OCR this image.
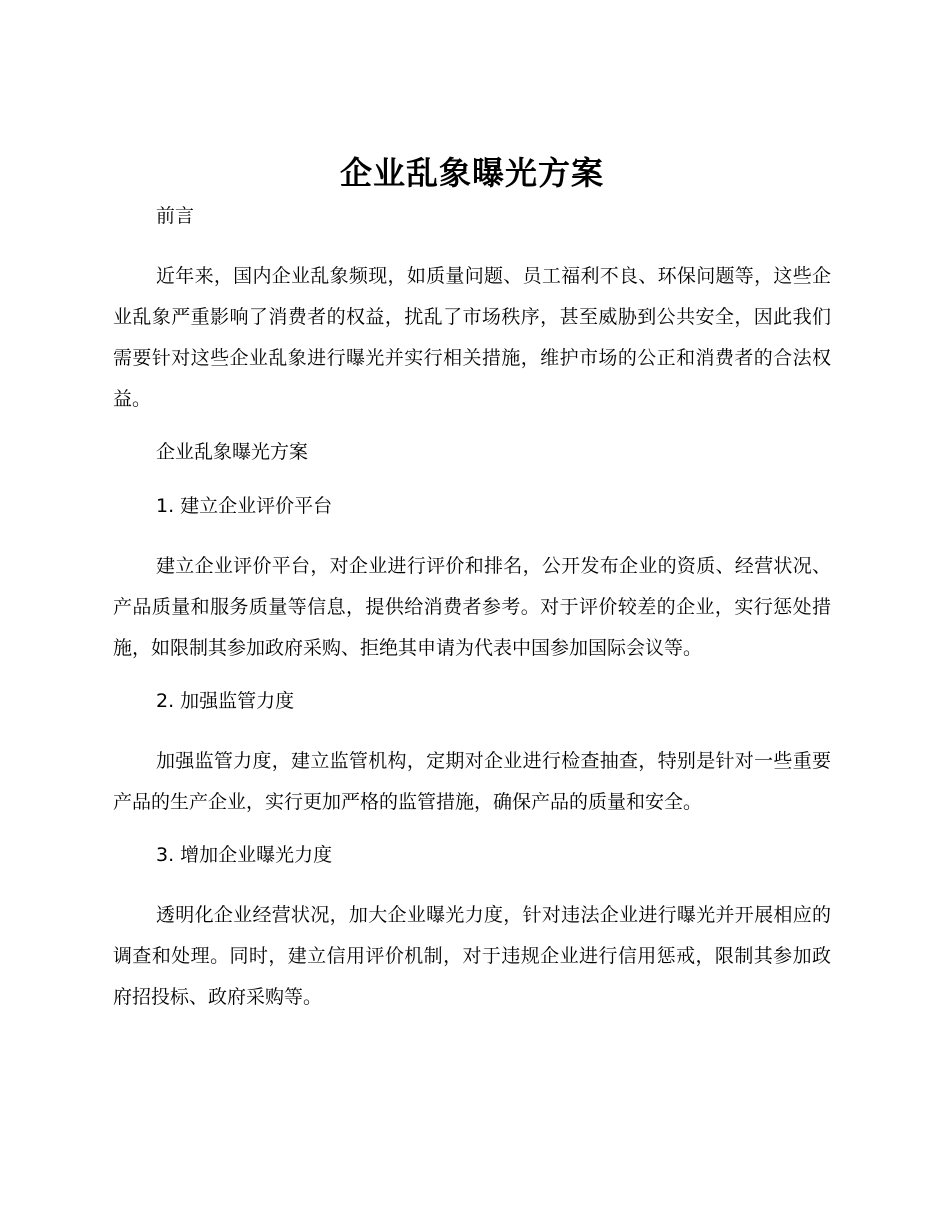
企业乱象曝光方案
前言

近年来，国内企业乱象频现，如质量问题、员工福利不良、环保问题等，这些企业乱象严重影响了消费者的权益，扰乱了市场秩序，甚至威胁到公共安全，因此我们需要针对这些企业乱象进行曝光并实行相关措施，维护市场的公正和消费者的合法权益。

企业乱象曝光方案
1. 建立企业评价平台

建立企业评价平台，对企业进行评价和排名，公开发布企业的资质、经营状况、产品质量和服务质量等信息，提供给消费者参考。对于评价较差的企业，实行惩处措施，如限制其参加政府采购、拒绝其申请为代表中国参加国际会议等。

2. 加强监管力度

加强监管力度，建立监管机构，定期对企业进行检查抽查，特别是针对一些重要产品的生产企业，实行更加严格的监管措施，确保产品的质量和安全。

3. 增加企业曝光力度

透明化企业经营状况，加大企业曝光力度，针对违法企业进行曝光并开展相应的调查和处理。同时，建立信用评价机制，对于违规企业进行信用惩戒，限制其参加政府招投标、政府采购等。
